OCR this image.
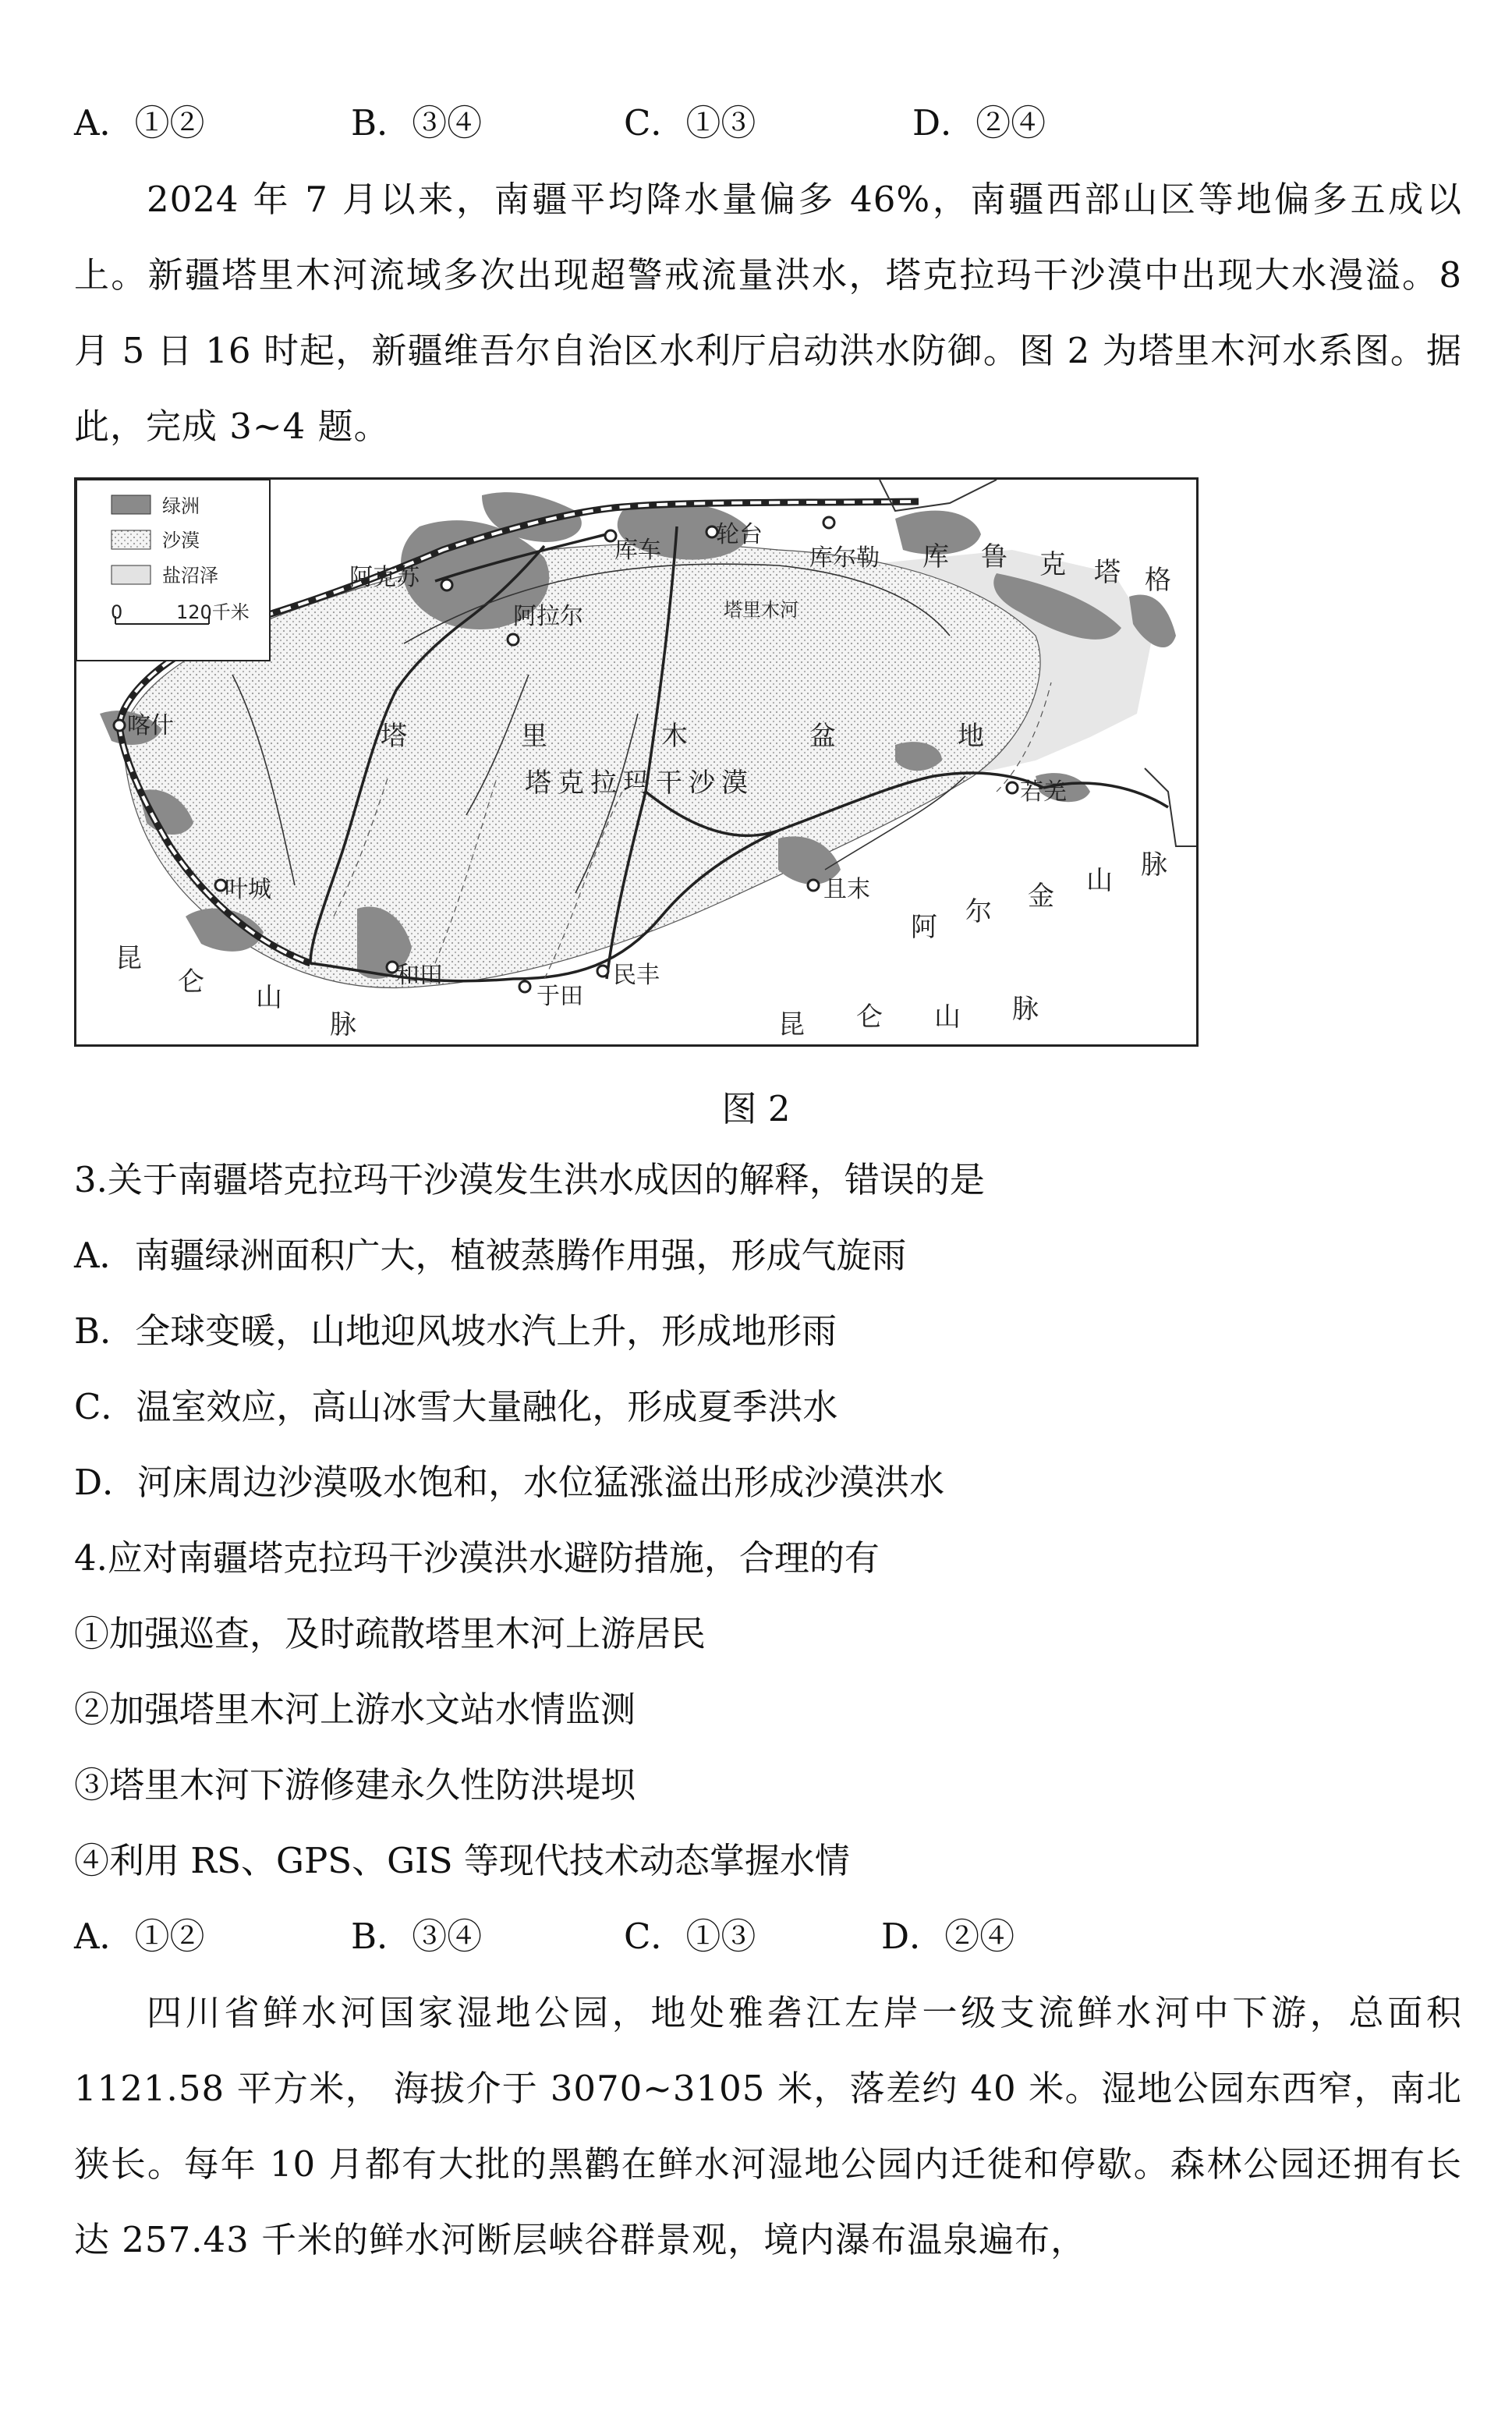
A．①②	B．③④	C．①③	D．②④
2024 年 7 月以来，南疆平均降水量偏多 46%，南疆西部山区等地偏多五成以上。新疆塔里木河流域多次出现超警戒流量洪水，塔克拉玛干沙漠中出现大水漫溢。8 月 5 日 16 时起，新疆维吾尔自治区水利厅启动洪水防御。图 2 为塔里木河水系图。据此，完成 3~4 题。
阿克苏
库车
轮台
库尔勒
阿拉尔
喀什
叶城
和田
于田
民丰
且末
若羌
塔里木河
塔	里	木	盆	地
塔克拉玛干沙漠
库 鲁 克 塔 格
阿 尔 金 山 脉
昆
仑 山
脉	昆 仑 山 脉
绿洲
沙漠
盐沼泽
0	120千米
图 2
3.关于南疆塔克拉玛干沙漠发生洪水成因的解释，错误的是
A．南疆绿洲面积广大，植被蒸腾作用强，形成气旋雨
B．全球变暖，山地迎风坡水汽上升，形成地形雨
C．温室效应，高山冰雪大量融化，形成夏季洪水
D．河床周边沙漠吸水饱和，水位猛涨溢出形成沙漠洪水
4.应对南疆塔克拉玛干沙漠洪水避防措施，合理的有
①加强巡查，及时疏散塔里木河上游居民
②加强塔里木河上游水文站水情监测
③塔里木河下游修建永久性防洪堤坝
④利用 RS、GPS、GIS 等现代技术动态掌握水情
A．①②	B．③④	C．①③	D．②④
四川省鲜水河国家湿地公园，地处雅砻江左岸一级支流鲜水河中下游，总面积 1121.58 平方米， 海拔介于 3070~3105 米，落差约 40 米。湿地公园东西窄，南北狭长。每年 10 月都有大批的黑鹳在鲜水河湿地公园内迁徙和停歇。森林公园还拥有长达 257.43 千米的鲜水河断层峡谷群景观，境内瀑布温泉遍布，
